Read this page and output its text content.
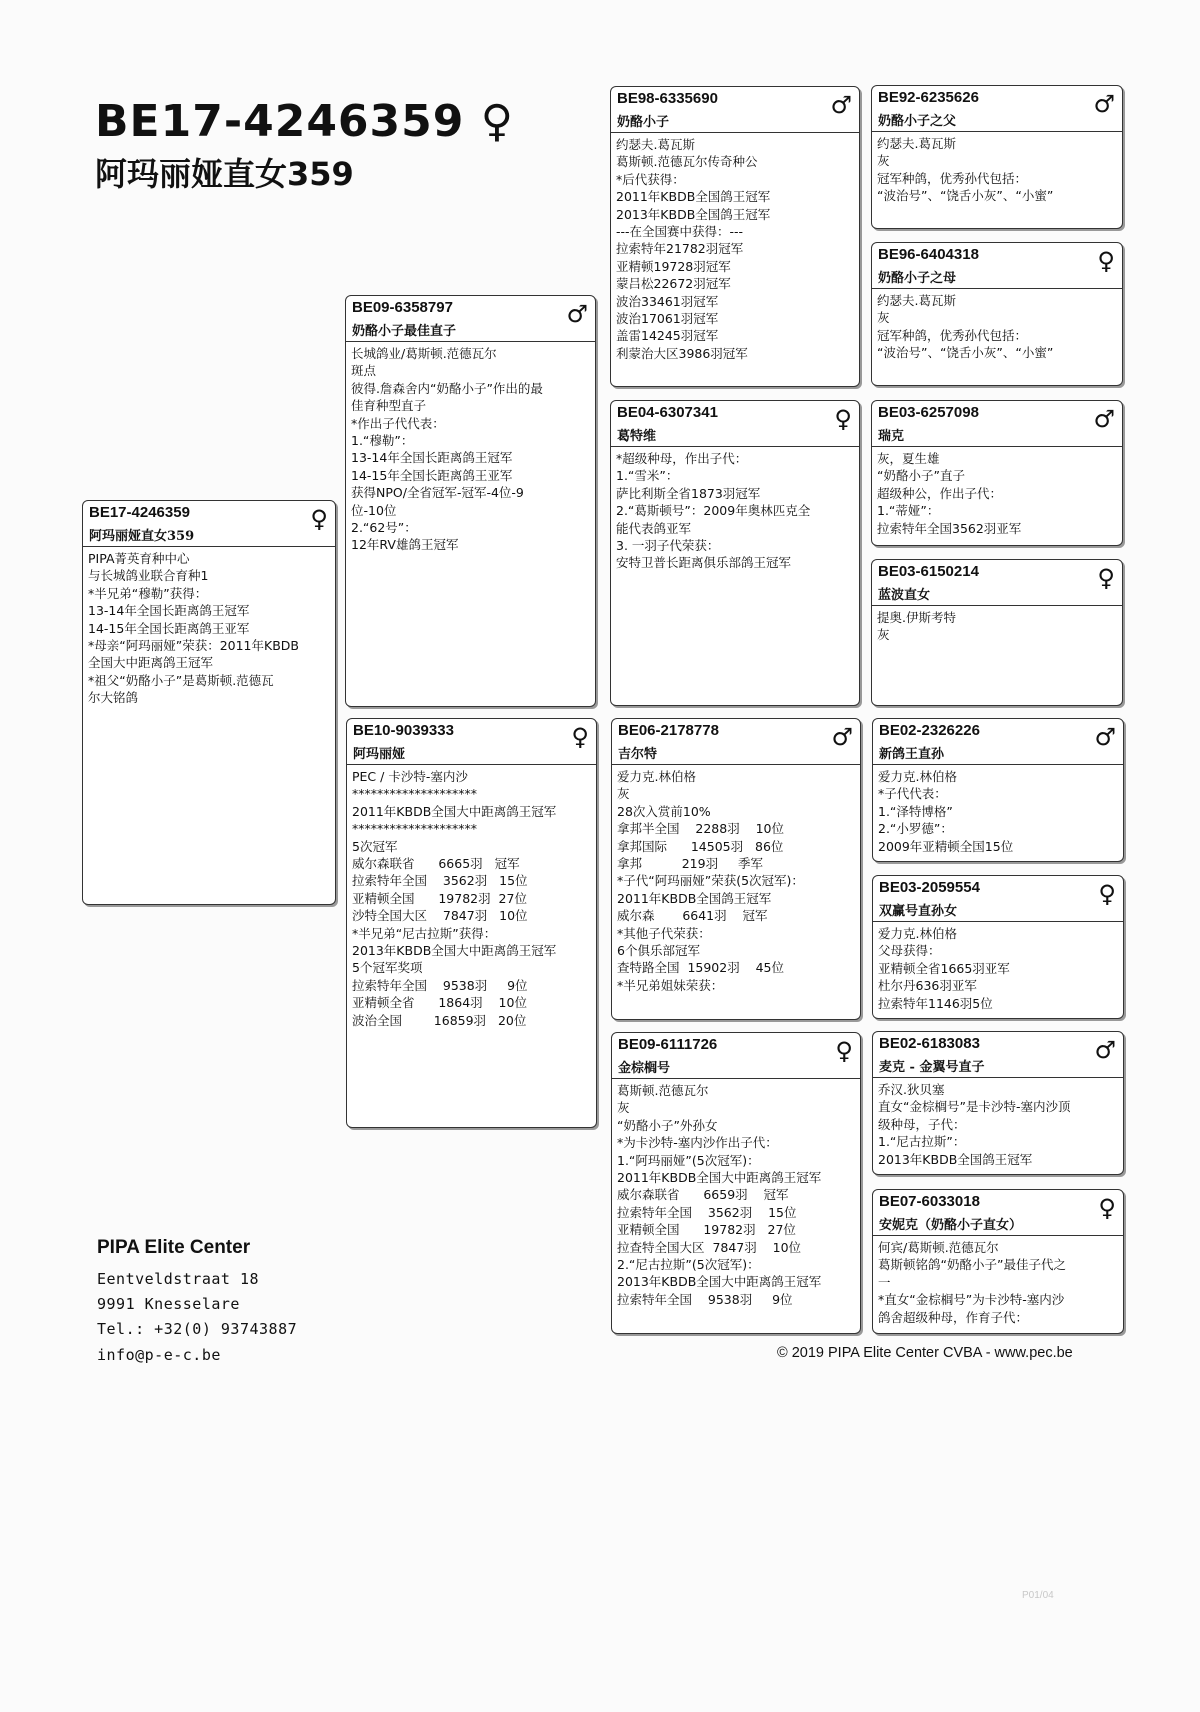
BE17-4246359 ♀
阿玛丽娅直女359
BE17-4246359
阿玛丽娅直女359
♀
PIPA菁英育种中心
与长城鸽业联合育种1
*半兄弟“穆勒”获得：
13-14年全国长距离鸽王冠军
14-15年全国长距离鸽王亚军
*母亲“阿玛丽娅”荣获：2011年KBDB
全国大中距离鸽王冠军
*祖父“奶酪小子”是葛斯顿.范德瓦
尔大铭鸽
BE09-6358797
奶酪小子最佳直子
♂
长城鸽业/葛斯顿.范德瓦尔
斑点
彼得.詹森舍内“奶酪小子”作出的最
佳育种型直子
*作出子代代表：
1.“穆勒”：
13-14年全国长距离鸽王冠军
14-15年全国长距离鸽王亚军
获得NPO/全省冠军-冠军-4位-9
位-10位
2.“62号”：
12年RV雄鸽王冠军
BE10-9039333
阿玛丽娅
♀
PEC / 卡沙特-塞内沙
********************
2011年KBDB全国大中距离鸽王冠军
********************
5次冠军
威尔森联省      6665羽   冠军
拉索特年全国    3562羽   15位
亚精顿全国      19782羽  27位
沙特全国大区    7847羽   10位
*半兄弟“尼古拉斯”获得：
2013年KBDB全国大中距离鸽王冠军
5个冠军奖项
拉索特年全国    9538羽     9位
亚精顿全省      1864羽    10位
波治全国        16859羽   20位
BE98-6335690
奶酪小子
♂
约瑟夫.葛瓦斯
葛斯顿.范德瓦尔传奇种公
*后代获得：
2011年KBDB全国鸽王冠军
2013年KBDB全国鸽王冠军
---在全国赛中获得：---
拉索特年21782羽冠军
亚精顿19728羽冠军
蒙吕松22672羽冠军
波治33461羽冠军
波治17061羽冠军
盖雷14245羽冠军
利蒙治大区3986羽冠军
BE04-6307341
葛特维
♀
*超级种母，作出子代：
1.“雪米”：
萨比利斯全省1873羽冠军
2.“葛斯顿号”：2009年奥林匹克全
能代表鸽亚军
3. 一羽子代荣获：
安特卫普长距离俱乐部鸽王冠军
BE06-2178778
吉尔特
♂
爱力克.林伯格
灰
28次入赏前10%
拿邦半全国    2288羽    10位
拿邦国际      14505羽   86位
拿邦          219羽     季军
*子代“阿玛丽娅”荣获(5次冠军)：
2011年KBDB全国鸽王冠军
威尔森       6641羽    冠军
*其他子代荣获：
6个俱乐部冠军
查特路全国  15902羽    45位
*半兄弟姐妹荣获：
BE09-6111726
金棕榈号
♀
葛斯顿.范德瓦尔
灰
“奶酪小子”外孙女
*为卡沙特-塞内沙作出子代：
1.“阿玛丽娅”(5次冠军)：
2011年KBDB全国大中距离鸽王冠军
威尔森联省      6659羽    冠军
拉索特年全国    3562羽    15位
亚精顿全国      19782羽   27位
拉查特全国大区  7847羽    10位
2.“尼古拉斯”(5次冠军)：
2013年KBDB全国大中距离鸽王冠军
拉索特年全国    9538羽     9位
BE92-6235626
奶酪小子之父
♂
约瑟夫.葛瓦斯
灰
冠军种鸽，优秀孙代包括：
“波治号”、“饶舌小灰”、“小蜜”
BE96-6404318
奶酪小子之母
♀
约瑟夫.葛瓦斯
灰
冠军种鸽，优秀孙代包括：
“波治号”、“饶舌小灰”、“小蜜”
BE03-6257098
瑞克
♂
灰，夏生雄
“奶酪小子”直子
超级种公，作出子代：
1.“蒂娅”：
拉索特年全国3562羽亚军
BE03-6150214
蓝波直女
♀
提奥.伊斯考特
灰
BE02-2326226
新鸽王直孙
♂
爱力克.林伯格
*子代代表：
1.“泽特博格”
2.“小罗德”：
2009年亚精顿全国15位
BE03-2059554
双赢号直孙女
♀
爱力克.林伯格
父母获得：
亚精顿全省1665羽亚军
杜尔丹636羽亚军
拉索特年1146羽5位
BE02-6183083
麦克 - 金翼号直子
♂
乔汉.狄贝塞
直女“金棕榈号”是卡沙特-塞内沙顶
级种母，子代：
1.“尼古拉斯”：
2013年KBDB全国鸽王冠军
BE07-6033018
安妮克（奶酪小子直女）
♀
何宾/葛斯顿.范德瓦尔
葛斯顿铭鸽“奶酪小子”最佳子代之
一
*直女“金棕榈号”为卡沙特-塞内沙
鸽舍超级种母，作育子代：
PIPA Elite Center
Eentveldstraat 18
9991 Knesselare
Tel.: +32(0) 93743887
info@p-e-c.be	© 2019 PIPA Elite Center CVBA - www.pec.be
P01/04
